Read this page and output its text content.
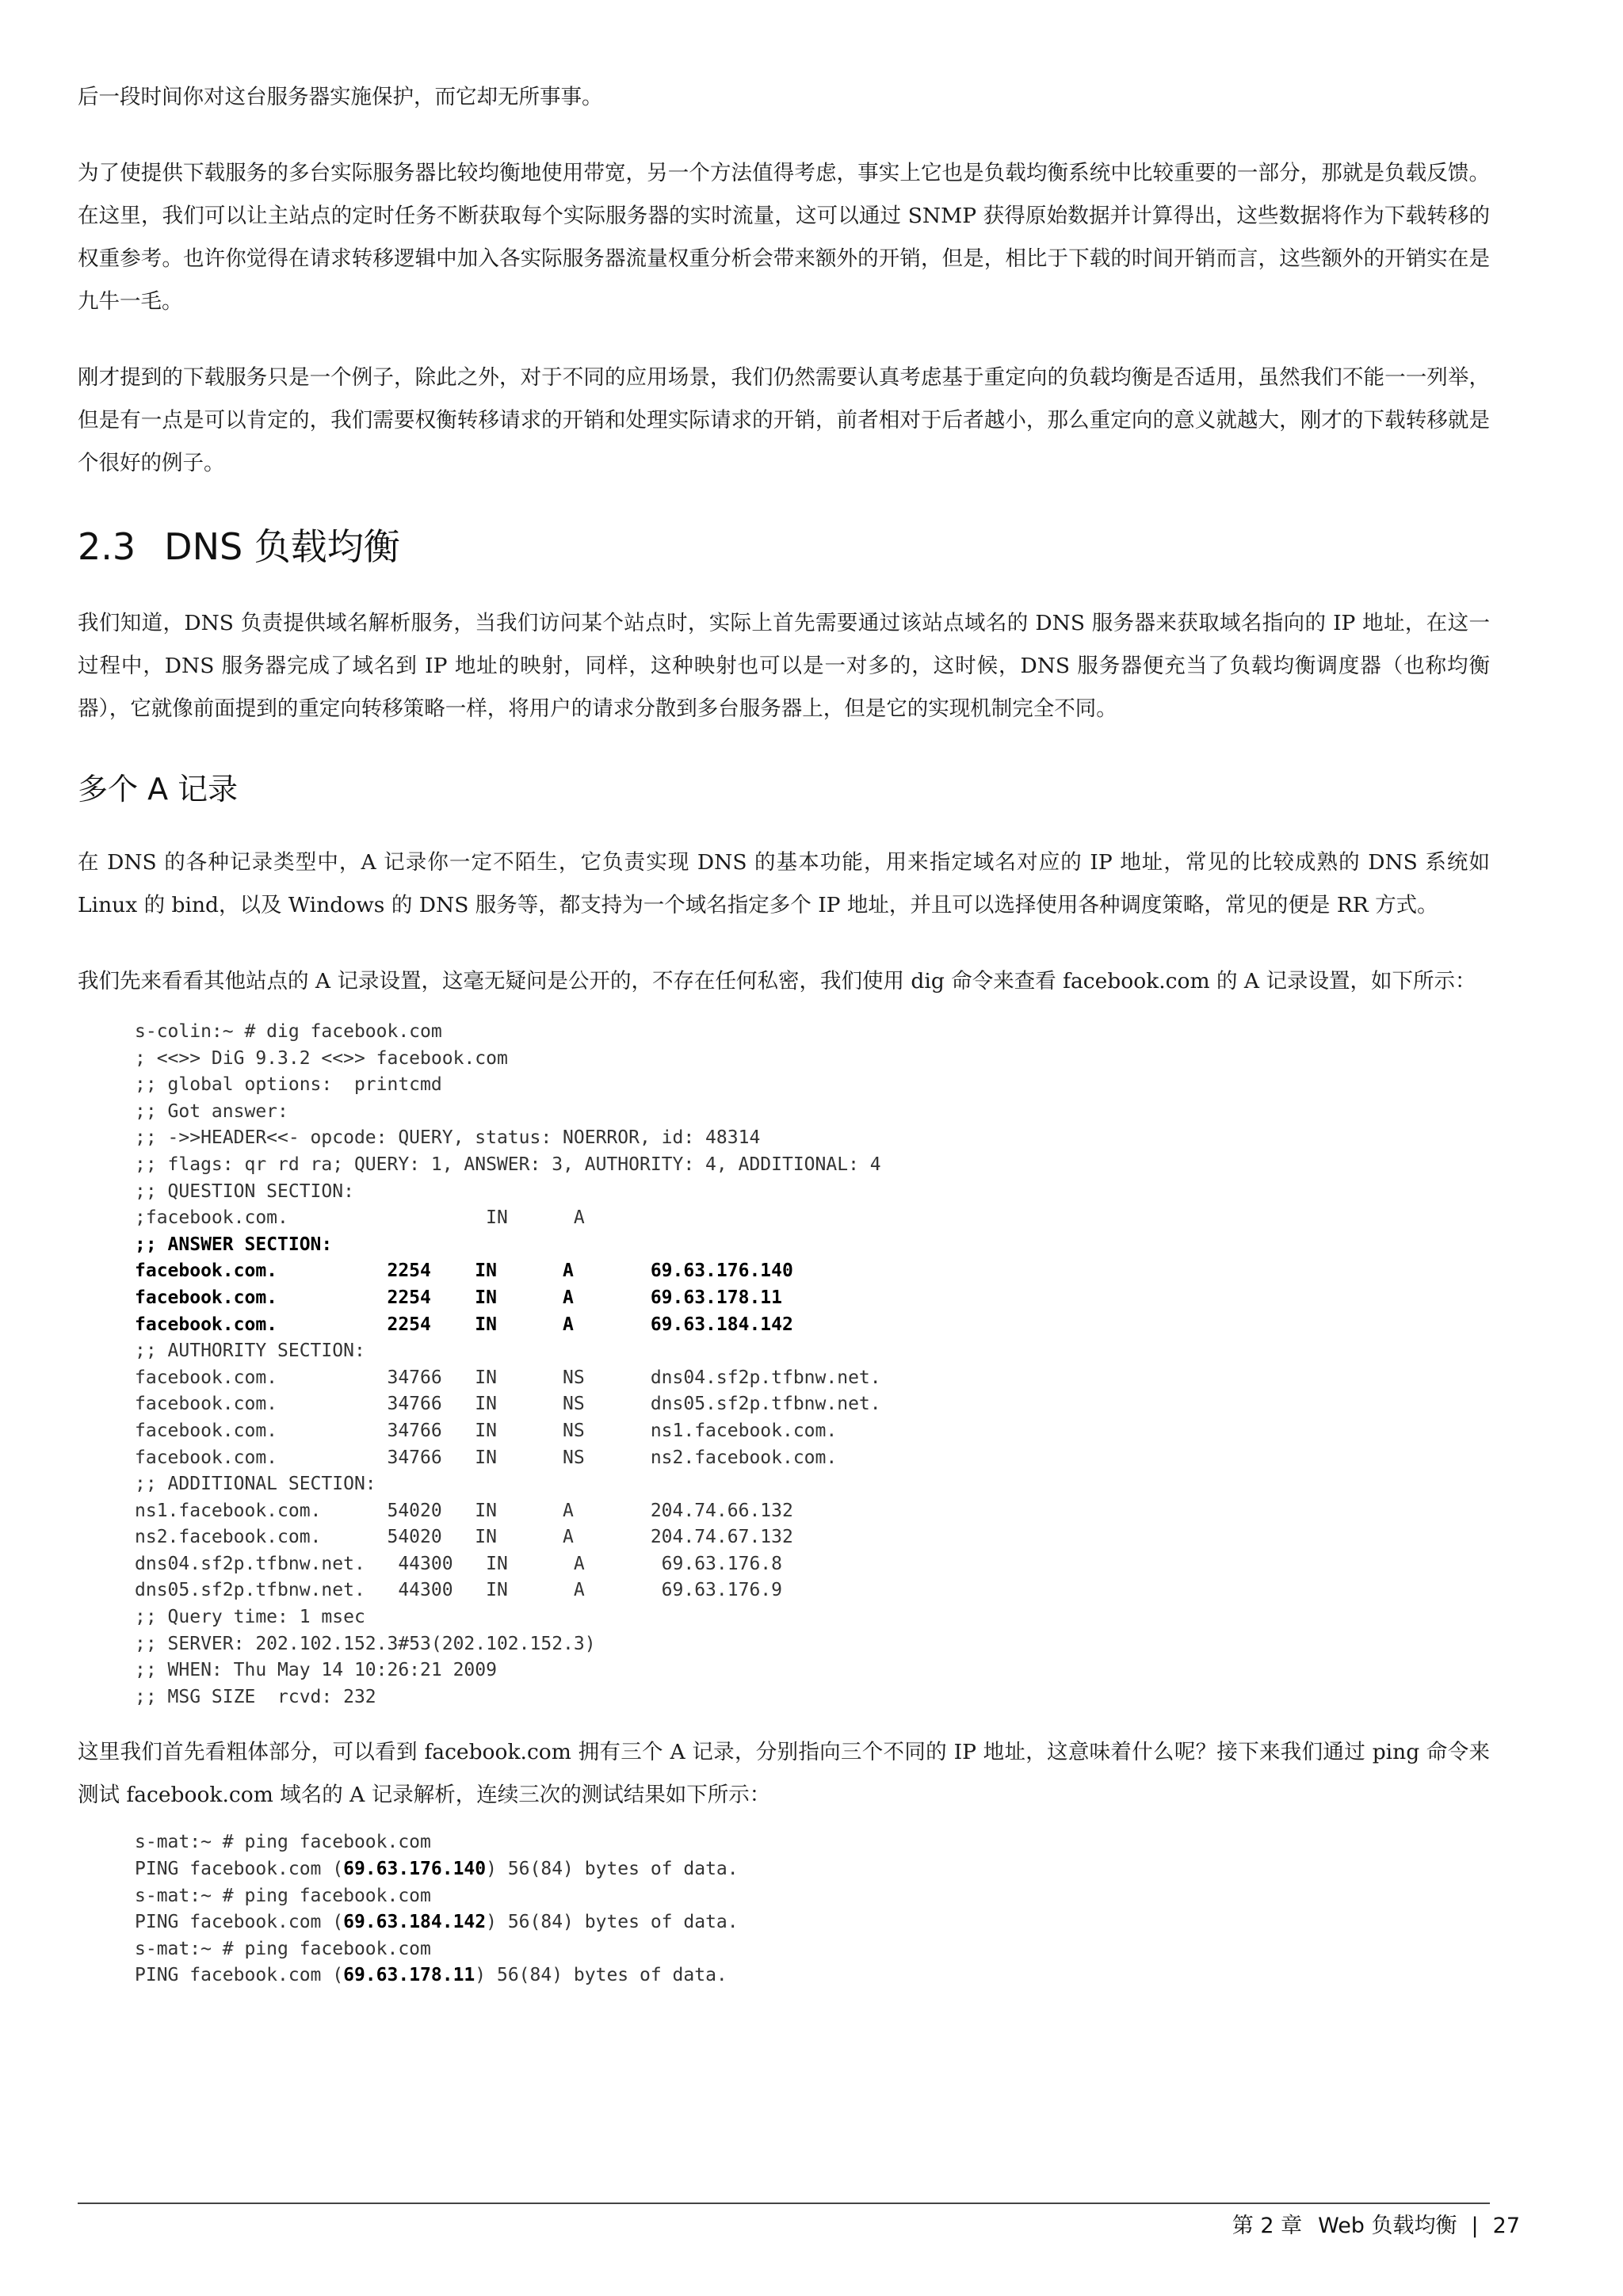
后一段时间你对这台服务器实施保护，而它却无所事事。

为了使提供下载服务的多台实际服务器比较均衡地使用带宽，另一个方法值得考虑，事实上它也是负载均衡系统中比较重要的一部分，那就是负载反馈。在这里，我们可以让主站点的定时任务不断获取每个实际服务器的实时流量，这可以通过 SNMP 获得原始数据并计算得出，这些数据将作为下载转移的权重参考。也许你觉得在请求转移逻辑中加入各实际服务器流量权重分析会带来额外的开销，但是，相比于下载的时间开销而言，这些额外的开销实在是九牛一毛。

刚才提到的下载服务只是一个例子，除此之外，对于不同的应用场景，我们仍然需要认真考虑基于重定向的负载均衡是否适用，虽然我们不能一一列举，但是有一点是可以肯定的，我们需要权衡转移请求的开销和处理实际请求的开销，前者相对于后者越小，那么重定向的意义就越大，刚才的下载转移就是个很好的例子。

2.3 DNS 负载均衡

我们知道，DNS 负责提供域名解析服务，当我们访问某个站点时，实际上首先需要通过该站点域名的 DNS 服务器来获取域名指向的 IP 地址，在这一过程中，DNS 服务器完成了域名到 IP 地址的映射，同样，这种映射也可以是一对多的，这时候，DNS 服务器便充当了负载均衡调度器（也称均衡器），它就像前面提到的重定向转移策略一样，将用户的请求分散到多台服务器上，但是它的实现机制完全不同。

多个 A 记录

在 DNS 的各种记录类型中，A 记录你一定不陌生，它负责实现 DNS 的基本功能，用来指定域名对应的 IP 地址，常见的比较成熟的 DNS 系统如 Linux 的 bind，以及 Windows 的 DNS 服务等，都支持为一个域名指定多个 IP 地址，并且可以选择使用各种调度策略，常见的便是 RR 方式。

我们先来看看其他站点的 A 记录设置，这毫无疑问是公开的，不存在任何私密，我们使用 dig 命令来查看 facebook.com 的 A 记录设置，如下所示：

s-colin:~ # dig facebook.com
; <<>> DiG 9.3.2 <<>> facebook.com
;; global options:  printcmd
;; Got answer:
;; ->>HEADER<<- opcode: QUERY, status: NOERROR, id: 48314
;; flags: qr rd ra; QUERY: 1, ANSWER: 3, AUTHORITY: 4, ADDITIONAL: 4
;; QUESTION SECTION:
;facebook.com.                  IN      A
;; ANSWER SECTION:
facebook.com.          2254    IN      A       69.63.176.140
facebook.com.          2254    IN      A       69.63.178.11
facebook.com.          2254    IN      A       69.63.184.142
;; AUTHORITY SECTION:
facebook.com.          34766   IN      NS      dns04.sf2p.tfbnw.net.
facebook.com.          34766   IN      NS      dns05.sf2p.tfbnw.net.
facebook.com.          34766   IN      NS      ns1.facebook.com.
facebook.com.          34766   IN      NS      ns2.facebook.com.
;; ADDITIONAL SECTION:
ns1.facebook.com.      54020   IN      A       204.74.66.132
ns2.facebook.com.      54020   IN      A       204.74.67.132
dns04.sf2p.tfbnw.net.   44300   IN      A       69.63.176.8
dns05.sf2p.tfbnw.net.   44300   IN      A       69.63.176.9
;; Query time: 1 msec
;; SERVER: 202.102.152.3#53(202.102.152.3)
;; WHEN: Thu May 14 10:26:21 2009
;; MSG SIZE  rcvd: 232

这里我们首先看粗体部分，可以看到 facebook.com 拥有三个 A 记录，分别指向三个不同的 IP 地址，这意味着什么呢？接下来我们通过 ping 命令来测试 facebook.com 域名的 A 记录解析，连续三次的测试结果如下所示：

s-mat:~ # ping facebook.com
PING facebook.com (69.63.176.140) 56(84) bytes of data.
s-mat:~ # ping facebook.com
PING facebook.com (69.63.184.142) 56(84) bytes of data.
s-mat:~ # ping facebook.com
PING facebook.com (69.63.178.11) 56(84) bytes of data.
第 2 章 Web 负载均衡 | 27
